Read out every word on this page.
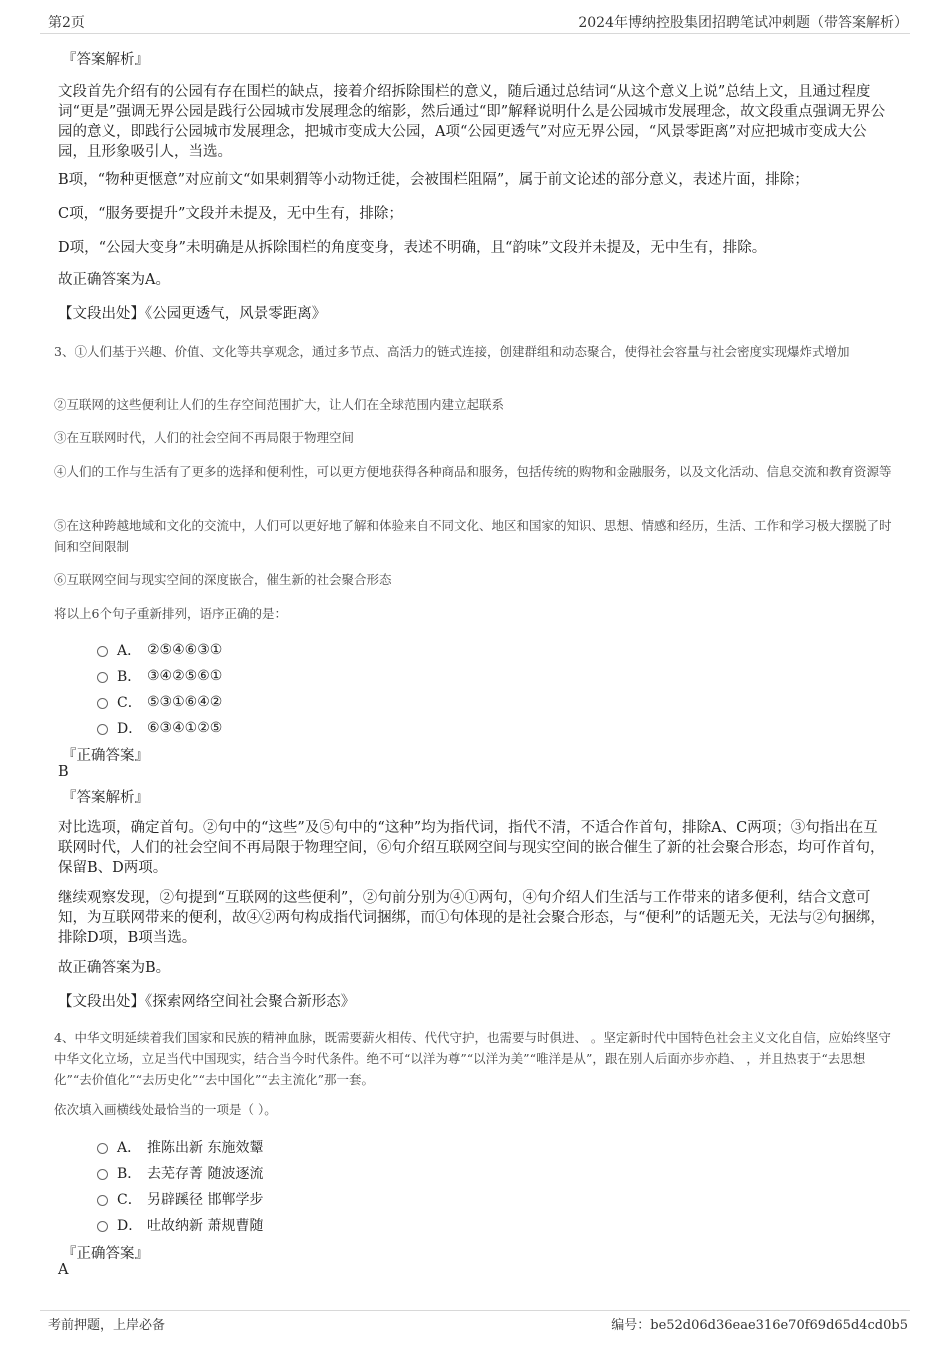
第2页	2024年博纳控股集团招聘笔试冲刺题（带答案解析）
『答案解析』
文段首先介绍有的公园有存在围栏的缺点，接着介绍拆除围栏的意义，随后通过总结词“从这个意义上说”总结上文，且通过程度词“更是”强调无界公园是践行公园城市发展理念的缩影，然后通过“即”解释说明什么是公园城市发展理念，故文段重点强调无界公园的意义，即践行公园城市发展理念，把城市变成大公园，A项“公园更透气”对应无界公园，“风景零距离”对应把城市变成大公园，且形象吸引人，当选。
B项，“物种更惬意”对应前文“如果刺猬等小动物迁徙，会被围栏阻隔”，属于前文论述的部分意义，表述片面，排除；
C项，“服务要提升”文段并未提及，无中生有，排除；
D项，“公园大变身”未明确是从拆除围栏的角度变身，表述不明确，且“韵味”文段并未提及，无中生有，排除。
故正确答案为A。
【文段出处】《公园更透气，风景零距离》
3、①人们基于兴趣、价值、文化等共享观念，通过多节点、高活力的链式连接，创建群组和动态聚合，使得社会容量与社会密度实现爆炸式增加
②互联网的这些便利让人们的生存空间范围扩大，让人们在全球范围内建立起联系
③在互联网时代，人们的社会空间不再局限于物理空间
④人们的工作与生活有了更多的选择和便利性，可以更方便地获得各种商品和服务，包括传统的购物和金融服务，以及文化活动、信息交流和教育资源等
⑤在这种跨越地域和文化的交流中，人们可以更好地了解和体验来自不同文化、地区和国家的知识、思想、情感和经历，生活、工作和学习极大摆脱了时间和空间限制
⑥互联网空间与现实空间的深度嵌合，催生新的社会聚合形态
将以上6个句子重新排列，语序正确的是：
A． ②⑤④⑥③①
B． ③④②⑤⑥①
C． ⑤③①⑥④②
D． ⑥③④①②⑤
『正确答案』
B
『答案解析』
对比选项，确定首句。②句中的“这些”及⑤句中的“这种”均为指代词，指代不清，不适合作首句，排除A、C两项；③句指出在互联网时代，人们的社会空间不再局限于物理空间，⑥句介绍互联网空间与现实空间的嵌合催生了新的社会聚合形态，均可作首句，保留B、D两项。
继续观察发现，②句提到“互联网的这些便利”，②句前分别为④①两句，④句介绍人们生活与工作带来的诸多便利，结合文意可知，为互联网带来的便利，故④②两句构成指代词捆绑，而①句体现的是社会聚合形态，与“便利”的话题无关，无法与②句捆绑，排除D项，B项当选。
故正确答案为B。
【文段出处】《探索网络空间社会聚合新形态》
4、中华文明延续着我们国家和民族的精神血脉，既需要薪火相传、代代守护，也需要与时俱进、 。坚定新时代中国特色社会主义文化自信，应始终坚守中华文化立场，立足当代中国现实，结合当今时代条件。绝不可“以洋为尊”“以洋为美”“唯洋是从”，跟在别人后面亦步亦趋、 ，并且热衷于“去思想化”“去价值化”“去历史化”“去中国化”“去主流化”那一套。
依次填入画横线处最恰当的一项是（ ）。
A． 推陈出新 东施效颦
B． 去芜存菁 随波逐流
C． 另辟蹊径 邯郸学步
D． 吐故纳新 萧规曹随
『正确答案』
A
考前押题，上岸必备	编号：be52d06d36eae316e70f69d65d4cd0b5
